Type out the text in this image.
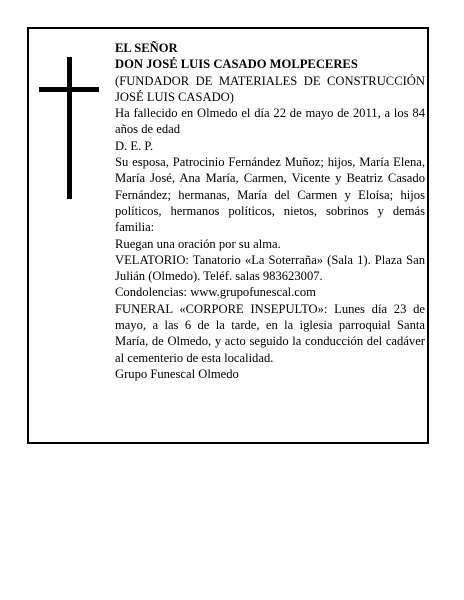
EL SEÑOR

DON JOSÉ LUIS CASADO MOLPECERES

(FUNDADOR DE MATERIALES DE CONSTRUCCIÓN JOSÉ LUIS CASADO)

Ha fallecido en Olmedo el día 22 de mayo de 2011, a los 84 años de edad

D. E. P.

Su esposa, Patrocinio Fernández Muñoz; hijos, María Elena, María José, Ana María, Carmen, Vicente y Beatriz Casado Fernández; hermanas, María del Carmen y Eloísa; hijos políticos, hermanos políticos, nietos, sobrinos y demás familia:

Ruegan una oración por su alma.

VELATORIO: Tanatorio «La Soterraña» (Sala 1). Plaza San Julián (Olmedo). Teléf. salas 983623007.

Condolencias: www.grupofunescal.com

FUNERAL «CORPORE INSEPULTO»: Lunes día 23 de mayo, a las 6 de la tarde, en la iglesia parroquial Santa María, de Olmedo, y acto seguido la conducción del cadáver al cementerio de esta localidad.

Grupo Funescal Olmedo
